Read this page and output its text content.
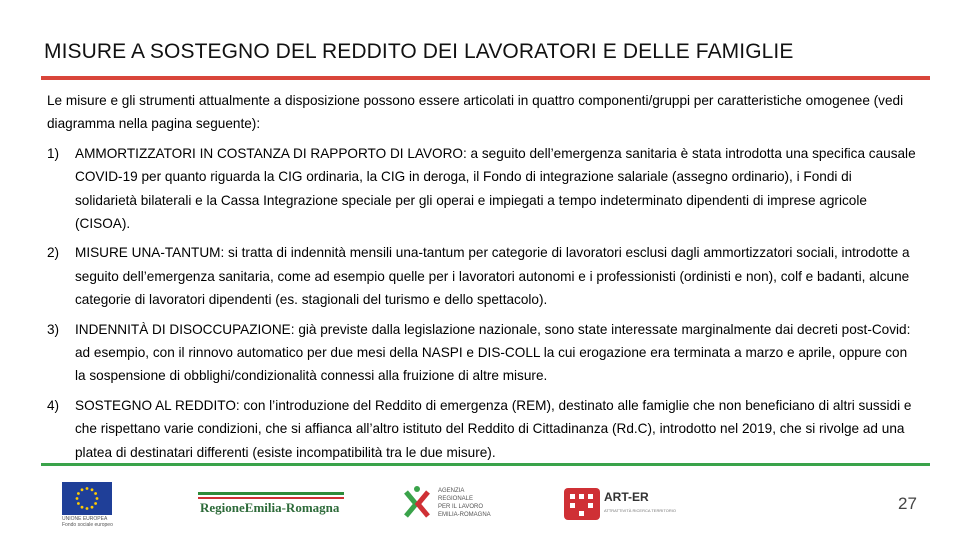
MISURE A SOSTEGNO DEL REDDITO DEI LAVORATORI E DELLE FAMIGLIE

Le misure e gli strumenti attualmente a disposizione possono essere articolati in quattro componenti/gruppi per caratteristiche omogenee (vedi diagramma nella pagina seguente):

1) AMMORTIZZATORI IN COSTANZA DI RAPPORTO DI LAVORO: a seguito dell’emergenza sanitaria è stata introdotta una specifica causale COVID-19 per quanto riguarda la CIG ordinaria, la CIG in deroga, il Fondo di integrazione salariale (assegno ordinario), i Fondi di solidarietà bilaterali e la Cassa Integrazione speciale per gli operai e impiegati a tempo indeterminato dipendenti di imprese agricole (CISOA).
2) MISURE UNA-TANTUM: si tratta di indennità mensili una-tantum per categorie di lavoratori esclusi dagli ammortizzatori sociali, introdotte a seguito dell’emergenza sanitaria, come ad esempio quelle per i lavoratori autonomi e i professionisti (ordinisti e non), colf e badanti, alcune categorie di lavoratori dipendenti (es. stagionali del turismo e dello spettacolo).
3) INDENNITÀ DI DISOCCUPAZIONE: già previste dalla legislazione nazionale, sono state interessate marginalmente dai decreti post-Covid: ad esempio, con il rinnovo automatico per due mesi della NASPI e DIS-COLL la cui erogazione era terminata a marzo e aprile, oppure con la sospensione di obblighi/condizionalità connessi alla fruizione di altre misure.
4) SOSTEGNO AL REDDITO: con l’introduzione del Reddito di emergenza (REM), destinato alle famiglie che non beneficiano di altri sussidi e che rispettano varie condizioni, che si affianca all’altro istituto del Reddito di Cittadinanza (Rd.C), introdotto nel 2019, che si rivolge ad una platea di destinatari differenti (esiste incompatibilità tra le due misure).
UNIONE EUROPEA Fondo sociale europeo
RegioneEmilia-Romagna
AGENZIA
REGIONALE
PER IL LAVORO
EMILIA-ROMAGNA
ART-ER
ATTRATTIVITÀ RICERCA TERRITORIO	27
